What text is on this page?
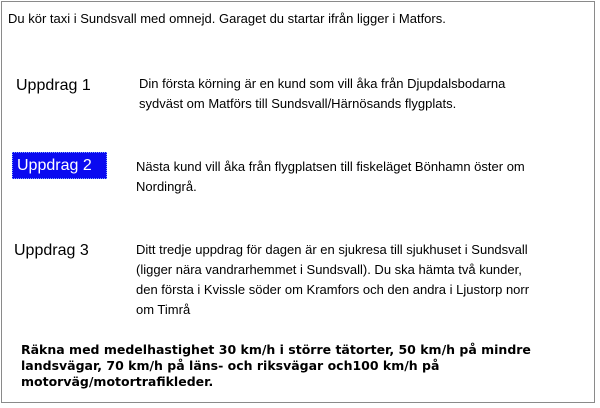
Du kör taxi i Sundsvall med omnejd. Garaget du startar ifrån ligger i Matfors.
Uppdrag 1	Din första körning är en kund som vill åka från Djupdalsbodarna sydväst om Matförs till Sundsvall/Härnösands flygplats.
Uppdrag 2	Nästa kund vill åka från flygplatsen till fiskeläget Bönhamn öster om Nordingrå.
Uppdrag 3	Ditt tredje uppdrag för dagen är en sjukresa till sjukhuset i Sundsvall (ligger nära vandrarhemmet i Sundsvall). Du ska hämta två kunder, den första i Kvissle söder om Kramfors och den andra i Ljustorp norr om Timrå
Räkna med medelhastighet 30 km/h i större tätorter, 50 km/h på mindre landsvägar, 70 km/h på läns- och riksvägar och100 km/h på motorväg/motortrafikleder.
